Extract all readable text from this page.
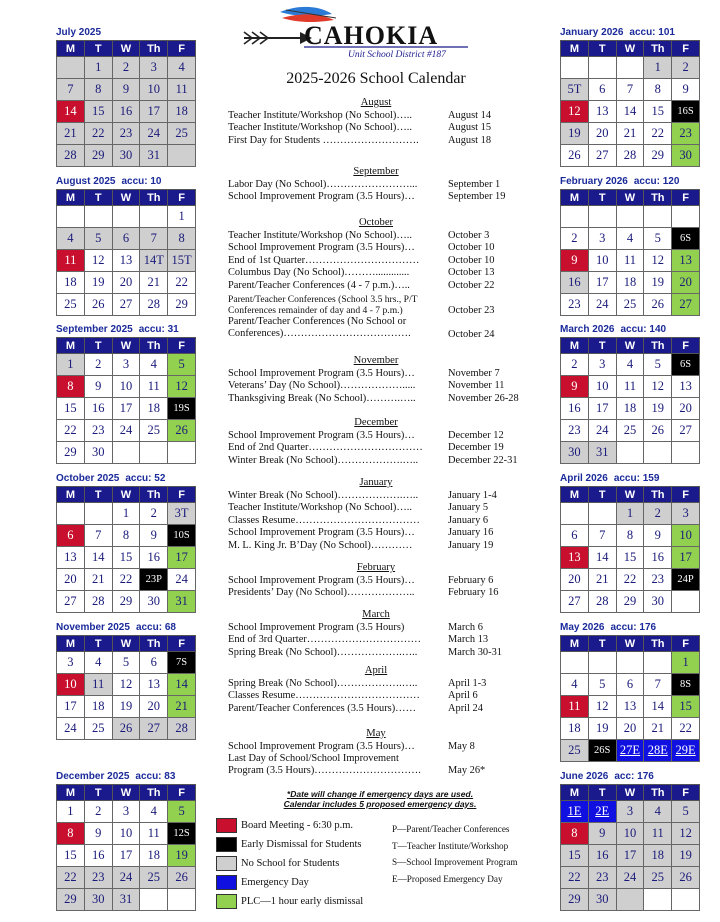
CAHOKIA
Unit School District #187
2025-2026 School Calendar
July 2025
M	T	W	Th	F
	1	2	3	4
7	8	9	10	11
14	15	16	17	18
21	22	23	24	25
28	29	30	31	
August 2025 accu: 10
M	T	W	Th	F
				1
4	5	6	7	8
11	12	13	14T	15T
18	19	20	21	22
25	26	27	28	29
September 2025 accu: 31
M	T	W	Th	F
1	2	3	4	5
8	9	10	11	12
15	16	17	18	19S
22	23	24	25	26
29	30			
October 2025 accu: 52
M	T	W	Th	F
		1	2	3T
6	7	8	9	10S
13	14	15	16	17
20	21	22	23P	24
27	28	29	30	31
November 2025 accu: 68
M	T	W	Th	F
3	4	5	6	7S
10	11	12	13	14
17	18	19	20	21
24	25	26	27	28
December 2025 accu: 83
M	T	W	Th	F
1	2	3	4	5
8	9	10	11	12S
15	16	17	18	19
22	23	24	25	26
29	30	31		
January 2026 accu: 101
M	T	W	Th	F
			1	2
5T	6	7	8	9
12	13	14	15	16S
19	20	21	22	23
26	27	28	29	30
February 2026 accu: 120
M	T	W	Th	F

2	3	4	5	6S
9	10	11	12	13
16	17	18	19	20
23	24	25	26	27
March 2026 accu: 140
M	T	W	Th	F
2	3	4	5	6S
9	10	11	12	13
16	17	18	19	20
23	24	25	26	27
30	31			
April 2026 accu: 159
M	T	W	Th	F
		1	2	3
6	7	8	9	10
13	14	15	16	17
20	21	22	23	24P
27	28	29	30	
May 2026 accu: 176
M	T	W	Th	F
				1
4	5	6	7	8S
11	12	13	14	15
18	19	20	21	22
25	26S	27E	28E	29E
June 2026 acc: 176
M	T	W	Th	F
1E	2E	3	4	5
8	9	10	11	12
15	16	17	18	19
22	23	24	25	26
29	30			
August
Teacher Institute/Workshop (No School)…..	August 14
Teacher Institute/Workshop (No School)…..	August 15
First Day for Students ……………………….	August 18
September
Labor Day (No School)……………………...	September 1
School Improvement Program (3.5 Hours)…	September 19
October
Teacher Institute/Workshop (No School)…..	October 3
School Improvement Program (3.5 Hours)…	October 10
End of 1st Quarter……………………………	October 10
Columbus Day (No School)……….............	October 13
Parent/Teacher Conferences (4 - 7 p.m.)…..	October 22
Parent/Teacher Conferences (School 3.5 hrs., P/T Conferences remainder of day and 4 - 7 p.m.)	October 23
Parent/Teacher Conferences (No School or Conferences)……………………………….	October 24
November
School Improvement Program (3.5 Hours)…	November 7
Veterans’ Day (No School)……………….....	November 11
Thanksgiving Break (No School)……….…..	November 26-28
December
School Improvement Program (3.5 Hours)…	December 12
End of 2nd Quarter…………………………… December 19
Winter Break (No School)……………….…..	December 22-31
January
Winter Break (No School)……………….…..	January 1-4
Teacher Institute/Workshop (No School)…..	January 5
Classes Resume………………………………	January 6
School Improvement Program (3.5 Hours)…	January 16
M. L. King Jr. B’Day (No School)…………	January 19
February
School Improvement Program (3.5 Hours)…	February 6
Presidents’ Day (No School)………………..	February 16
March
School Improvement Program (3.5 Hours)	March 6
End of 3rd Quarter……………………………	March 13
Spring Break (No School)……………….…..	March 30-31
April
Spring Break (No School)……………….…..	April 1-3
Classes Resume………………………………	April 6
Parent/Teacher Conferences (3.5 Hours)……	April 24
May
School Improvement Program (3.5 Hours)…	May 8
Last Day of School/School Improvement
Program (3.5 Hours)………………………….	May 26*
*Date will change if emergency days are used.
Calendar includes 5 proposed emergency days.
Board Meeting - 6:30 p.m.
Early Dismissal for Students
No School for Students
Emergency Day
PLC—1 hour early dismissal
P—Parent/Teacher Conferences
T—Teacher Institute/Workshop
S—School Improvement Program
E—Proposed Emergency Day
